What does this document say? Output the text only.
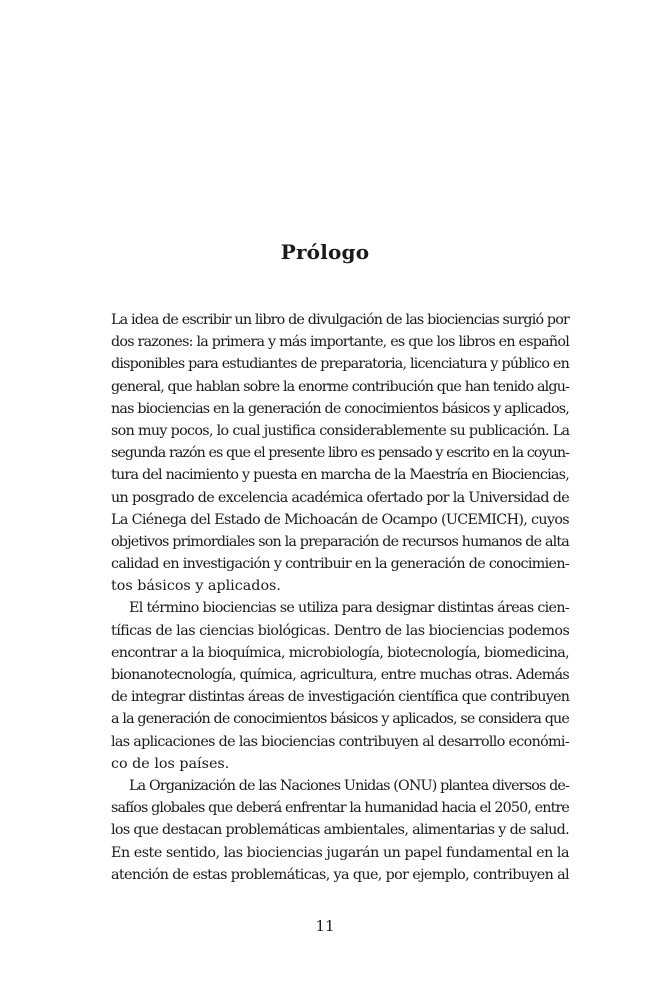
Prólogo
La idea de escribir un libro de divulgación de las biociencias surgió por
dos razones: la primera y más importante, es que los libros en español
disponibles para estudiantes de preparatoria, licenciatura y público en
general, que hablan sobre la enorme contribución que han tenido algu-
nas biociencias en la generación de conocimientos básicos y aplicados,
son muy pocos, lo cual justifica considerablemente su publicación. La
segunda razón es que el presente libro es pensado y escrito en la coyun-
tura del nacimiento y puesta en marcha de la Maestría en Biociencias,
un posgrado de excelencia académica ofertado por la Universidad de
La Ciénega del Estado de Michoacán de Ocampo (UCEMICH), cuyos
objetivos primordiales son la preparación de recursos humanos de alta
calidad en investigación y contribuir en la generación de conocimien-
tos básicos y aplicados.
El término biociencias se utiliza para designar distintas áreas cien-
tíficas de las ciencias biológicas. Dentro de las biociencias podemos
encontrar a la bioquímica, microbiología, biotecnología, biomedicina,
bionanotecnología, química, agricultura, entre muchas otras. Además
de integrar distintas áreas de investigación científica que contribuyen
a la generación de conocimientos básicos y aplicados, se considera que
las aplicaciones de las biociencias contribuyen al desarrollo económi-
co de los países.
La Organización de las Naciones Unidas (ONU) plantea diversos de-
safíos globales que deberá enfrentar la humanidad hacia el 2050, entre
los que destacan problemáticas ambientales, alimentarias y de salud.
En este sentido, las biociencias jugarán un papel fundamental en la
atención de estas problemáticas, ya que, por ejemplo, contribuyen al

11
